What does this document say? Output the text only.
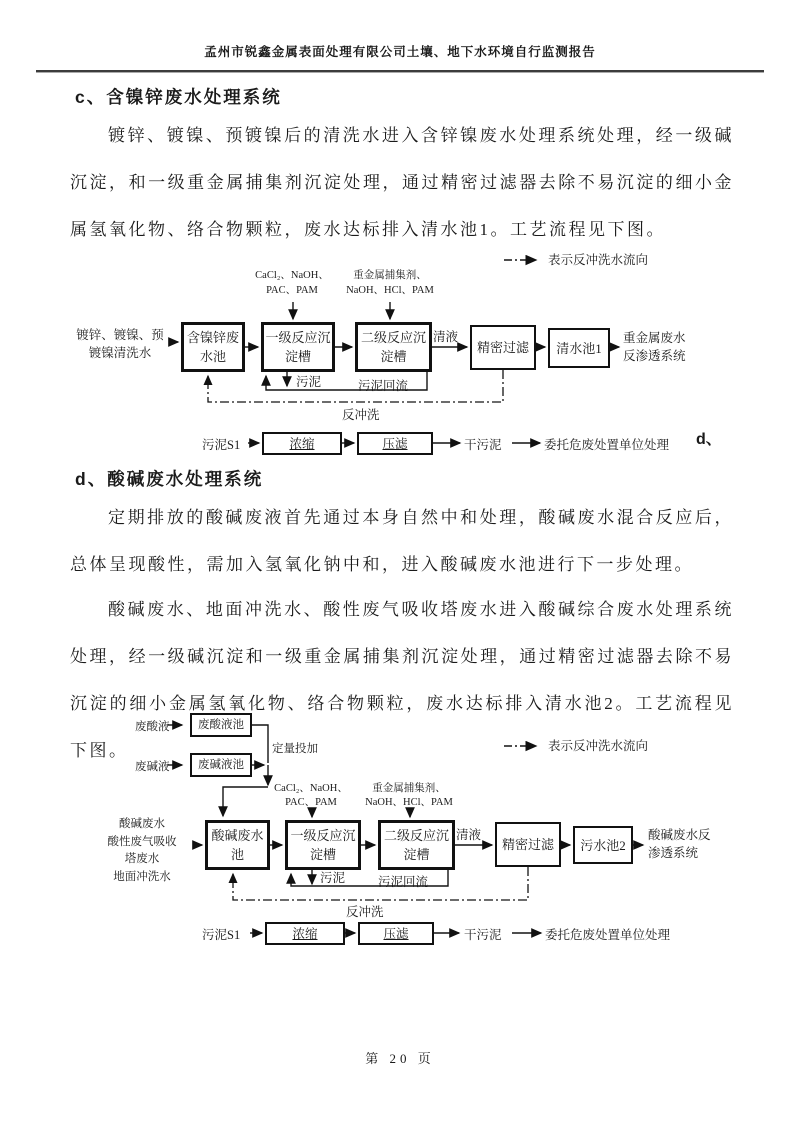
孟州市锐鑫金属表面处理有限公司土壤、地下水环境自行监测报告
c、含镍锌废水处理系统
镀锌、镀镍、预镀镍后的清洗水进入含锌镍废水处理系统处理，经一级碱沉淀，和一级重金属捕集剂沉淀处理，通过精密过滤器去除不易沉淀的细小金属氢氧化物、络合物颗粒，废水达标排入清水池1。工艺流程见下图。
表示反冲洗水流向
CaCl₂、NaOH、
PAC、PAM
重金属捕集剂、
NaOH、HCl、PAM
镀锌、镀镍、预
镀镍清洗水
含镍锌废
水池
一级反应沉
淀槽
二级反应沉
淀槽
清液
精密过滤 清水池1
重金属废水
反渗透系统
污泥	污泥回流
反冲洗
污泥S1	浓缩	压滤	干污泥	委托危废处置单位处理 d、
d、酸碱废水处理系统
定期排放的酸碱废液首先通过本身自然中和处理，酸碱废水混合反应后，总体呈现酸性，需加入氢氧化钠中和，进入酸碱废水池进行下一步处理。
酸碱废水、地面冲洗水、酸性废气吸收塔废水进入酸碱综合废水处理系统处理，经一级碱沉淀和一级重金属捕集剂沉淀处理，通过精密过滤器去除不易沉淀的细小金属氢氧化物、络合物颗粒，废水达标排入清水池2。工艺流程见下图。
废酸液 废酸液池
定量投加
废碱液 废碱液池
表示反冲洗水流向
CaCl₂、NaOH、
PAC、PAM
重金属捕集剂、
NaOH、HCl、PAM
酸碱废水
酸性废气吸收
塔废水
地面冲洗水
酸碱废水
池
一级反应沉
淀槽
二级反应沉
淀槽
清液
精密过滤 污水池2
酸碱废水反
渗透系统
污泥	污泥回流
反冲洗
污泥S1	浓缩	压滤	干污泥	委托危废处置单位处理
第 20 页
